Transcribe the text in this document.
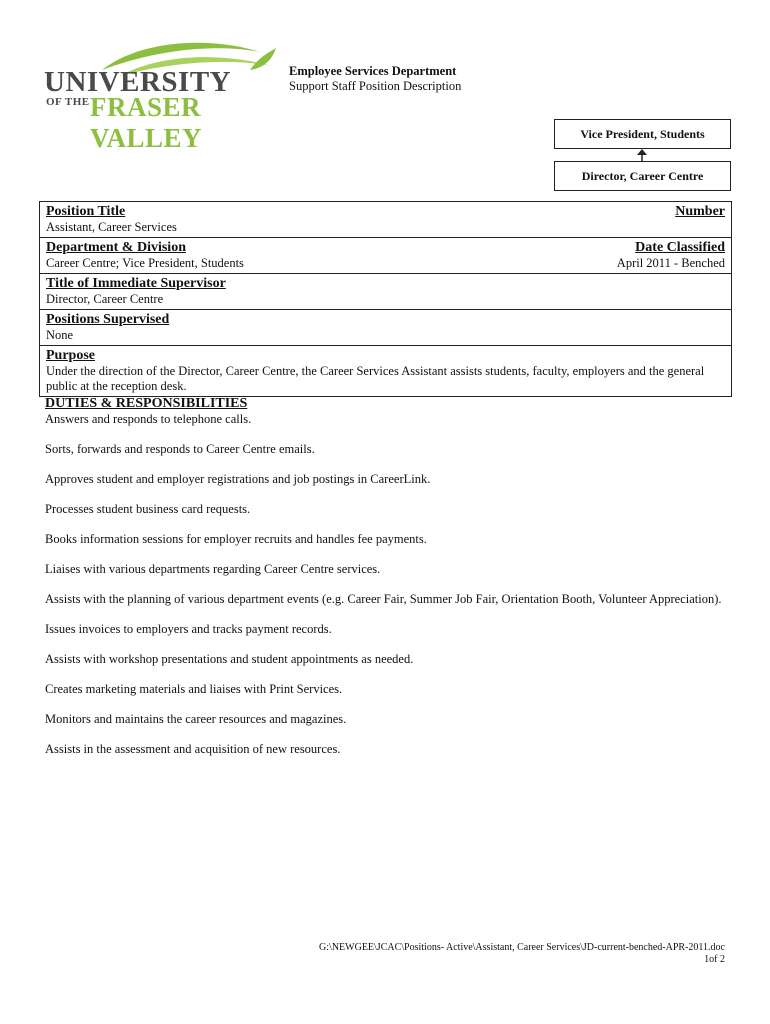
UNIVERSITY
OF THE FRASER VALLEY
Employee Services Department
Support Staff Position Description
Vice President, Students
Director, Career Centre
Position Title
Assistant, Career Services
Number
Department & Division
Career Centre; Vice President, Students
Date Classified
April 2011 - Benched
Title of Immediate Supervisor
Director, Career Centre
Positions Supervised
None
Purpose
Under the direction of the Director, Career Centre, the Career Services Assistant assists students, faculty, employers and the general public at the reception desk.
DUTIES & RESPONSIBILITIES
Answers and responds to telephone calls.
Sorts, forwards and responds to Career Centre emails.
Approves student and employer registrations and job postings in CareerLink.
Processes student business card requests.
Books information sessions for employer recruits and handles fee payments.
Liaises with various departments regarding Career Centre services.
Assists with the planning of various department events (e.g. Career Fair, Summer Job Fair, Orientation Booth, Volunteer Appreciation).
Issues invoices to employers and tracks payment records.
Assists with workshop presentations and student appointments as needed.
Creates marketing materials and liaises with Print Services.
Monitors and maintains the career resources and magazines.
Assists in the assessment and acquisition of new resources.
G:\NEWGEE\JCAC\Positions- Active\Assistant, Career Services\JD-current-benched-APR-2011.doc
1of 2
